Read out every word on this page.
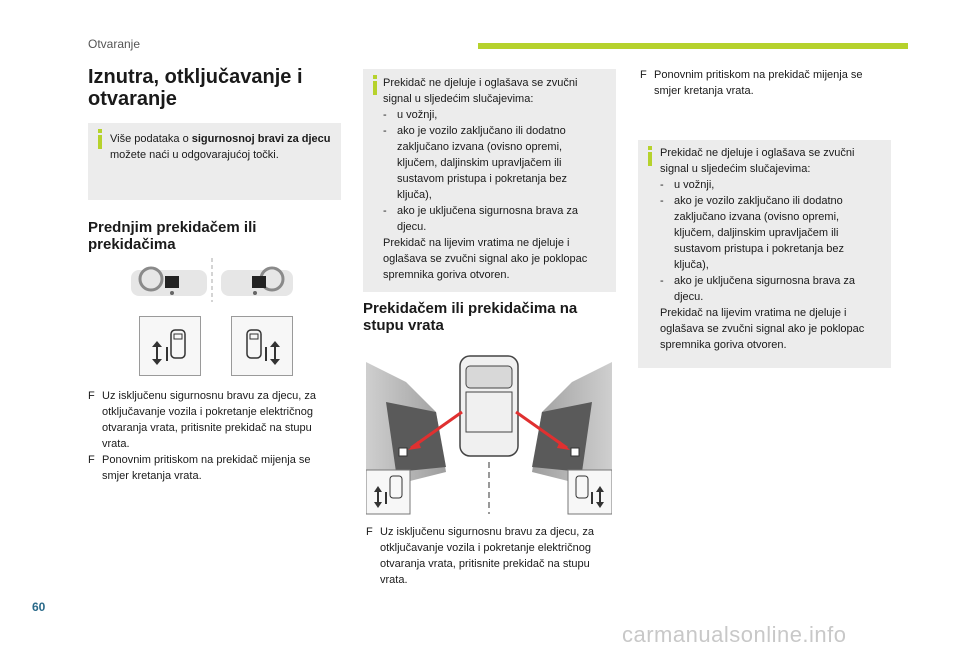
Otvaranje
Iznutra, otključavanje i
otvaranje
Više podataka o sigurnosnoj bravi za djecu možete naći u odgovarajućoj točki.
Prednjim prekidačem ili
prekidačima
F Uz isključenu sigurnosnu bravu za djecu, za
otključavanje vozila i pokretanje električnog
otvaranja vrata, pritisnite prekidač na stupu
vrata.
F Ponovnim pritiskom na prekidač mijenja se
smjer kretanja vrata.
Prekidač ne djeluje i oglašava se zvučni
signal u sljedećim slučajevima:
- u vožnji,
- ako je vozilo zaključano ili dodatno
zaključano izvana (ovisno opremi,
ključem, daljinskim upravljačem ili
sustavom pristupa i pokretanja bez
ključa),
- ako je uključena sigurnosna brava za
djecu.
Prekidač na lijevim vratima ne djeluje i
oglašava se zvučni signal ako je poklopac
spremnika goriva otvoren.
Prekidačem ili prekidačima na
stupu vrata
F Uz isključenu sigurnosnu bravu za djecu, za
otključavanje vozila i pokretanje električnog
otvaranja vrata, pritisnite prekidač na stupu
vrata.
F Ponovnim pritiskom na prekidač mijenja se
smjer kretanja vrata.
Prekidač ne djeluje i oglašava se zvučni
signal u sljedećim slučajevima:
- u vožnji,
- ako je vozilo zaključano ili dodatno
zaključano izvana (ovisno opremi,
ključem, daljinskim upravljačem ili
sustavom pristupa i pokretanja bez
ključa),
- ako je uključena sigurnosna brava za
djecu.
Prekidač na lijevim vratima ne djeluje i
oglašava se zvučni signal ako je poklopac
spremnika goriva otvoren.
60
carmanualsonline.info
